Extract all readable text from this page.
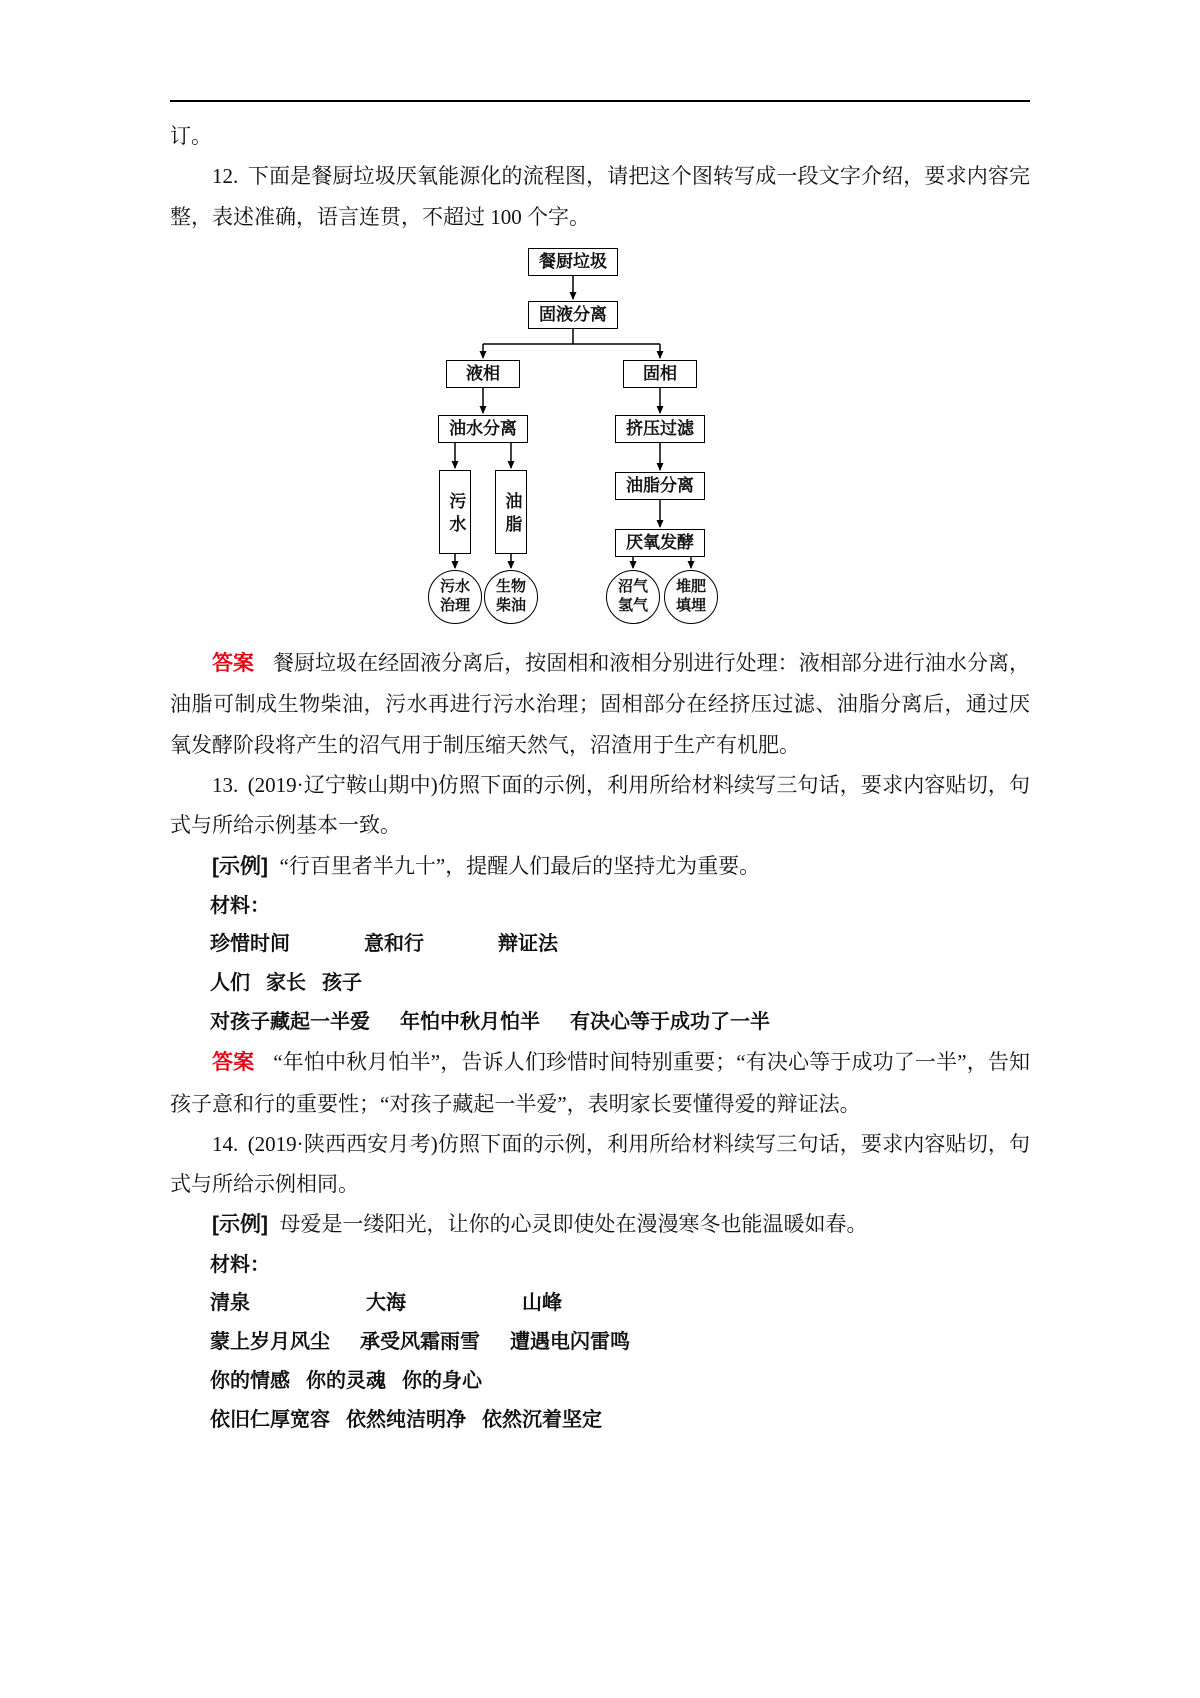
订。

12. 下面是餐厨垃圾厌氧能源化的流程图，请把这个图转写成一段文字介绍，要求内容完整，表述准确，语言连贯，不超过 100 个字。

餐厨垃圾
固液分离
液相	固相
油水分离
污水 油脂
挤压过滤
油脂分离
厌氧发酵
污水治理
生物柴油
沼气氢气
堆肥填埋

答案 餐厨垃圾在经固液分离后，按固相和液相分别进行处理：液相部分进行油水分离，油脂可制成生物柴油，污水再进行污水治理；固相部分在经挤压过滤、油脂分离后，通过厌氧发酵阶段将产生的沼气用于制压缩天然气，沼渣用于生产有机肥。

13. (2019·辽宁鞍山期中)仿照下面的示例，利用所给材料续写三句话，要求内容贴切，句式与所给示例基本一致。

[示例] “行百里者半九十”，提醒人们最后的坚持尤为重要。

材料：

珍惜时间	意和行	辩证法
人们 家长 孩子
对孩子藏起一半爱 年怕中秋月怕半 有决心等于成功了一半

答案 “年怕中秋月怕半”，告诉人们珍惜时间特别重要；“有决心等于成功了一半”，告知孩子意和行的重要性；“对孩子藏起一半爱”，表明家长要懂得爱的辩证法。

14. (2019·陕西西安月考)仿照下面的示例，利用所给材料续写三句话，要求内容贴切，句式与所给示例相同。

[示例] 母爱是一缕阳光，让你的心灵即使处在漫漫寒冬也能温暖如春。

材料：

清泉	大海	山峰
蒙上岁月风尘 承受风霜雨雪 遭遇电闪雷鸣
你的情感 你的灵魂 你的身心
依旧仁厚宽容 依然纯洁明净 依然沉着坚定
